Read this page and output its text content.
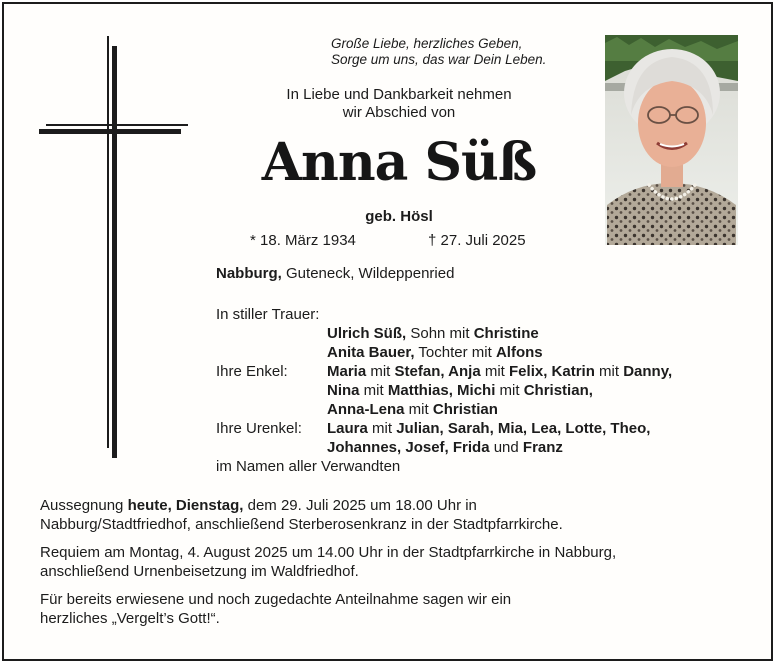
Große Liebe, herzliches Geben,
Sorge um uns, das war Dein Leben.
In Liebe und Dankbarkeit nehmen
wir Abschied von
Anna Süß
geb. Hösl
* 18. März 1934	† 27. Juli 2025
Nabburg, Guteneck, Wildeppenried
In stiller Trauer:
Ulrich Süß, Sohn mit Christine
Anita Bauer, Tochter mit Alfons
Ihre Enkel:	Maria mit Stefan, Anja mit Felix, Katrin mit Danny,
Nina mit Matthias, Michi mit Christian,
Anna-Lena mit Christian
Ihre Urenkel: Laura mit Julian, Sarah, Mia, Lea, Lotte, Theo,
Johannes, Josef, Frida und Franz
im Namen aller Verwandten

Aussegnung heute, Dienstag, dem 29. Juli 2025 um 18.00 Uhr in
Nabburg/Stadtfriedhof, anschließend Sterberosenkranz in der Stadtpfarrkirche.

Requiem am Montag, 4. August 2025 um 14.00 Uhr in der Stadtpfarrkirche in Nabburg,
anschließend Urnenbeisetzung im Waldfriedhof.

Für bereits erwiesene und noch zugedachte Anteilnahme sagen wir ein
herzliches „Vergelt’s Gott!“.
